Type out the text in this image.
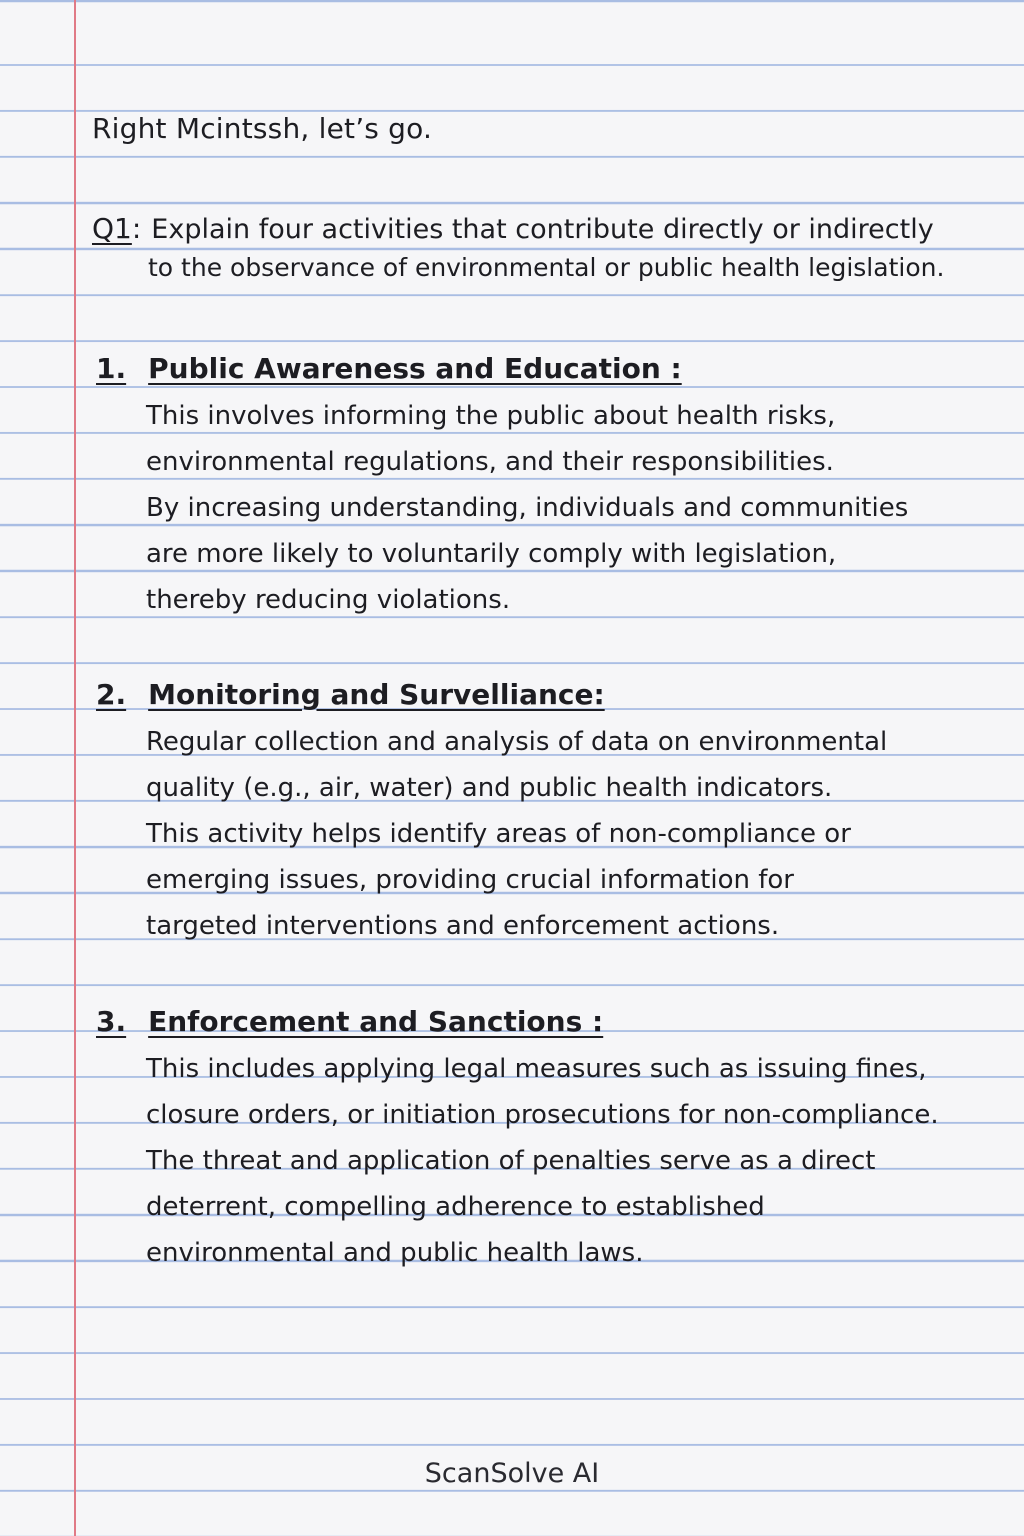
Right Mcintssh, let’s go.
Q1: Explain four activities that contribute directly or indirectly
to the observance of environmental or public health legislation.
1. Public Awareness and Education :
This involves informing the public about health risks,
environmental regulations, and their responsibilities.
By increasing understanding, individuals and communities
are more likely to voluntarily comply with legislation,
thereby reducing violations.
2. Monitoring and Survelliance:
Regular collection and analysis of data on environmental
quality (e.g., air, water) and public health indicators.
This activity helps identify areas of non-compliance or
emerging issues, providing crucial information for
targeted interventions and enforcement actions.
3. Enforcement and Sanctions :
This includes applying legal measures such as issuing fines,
closure orders, or initiation prosecutions for non-compliance.
The threat and application of penalties serve as a direct
deterrent, compelling adherence to established
environmental and public health laws.
ScanSolve AI
